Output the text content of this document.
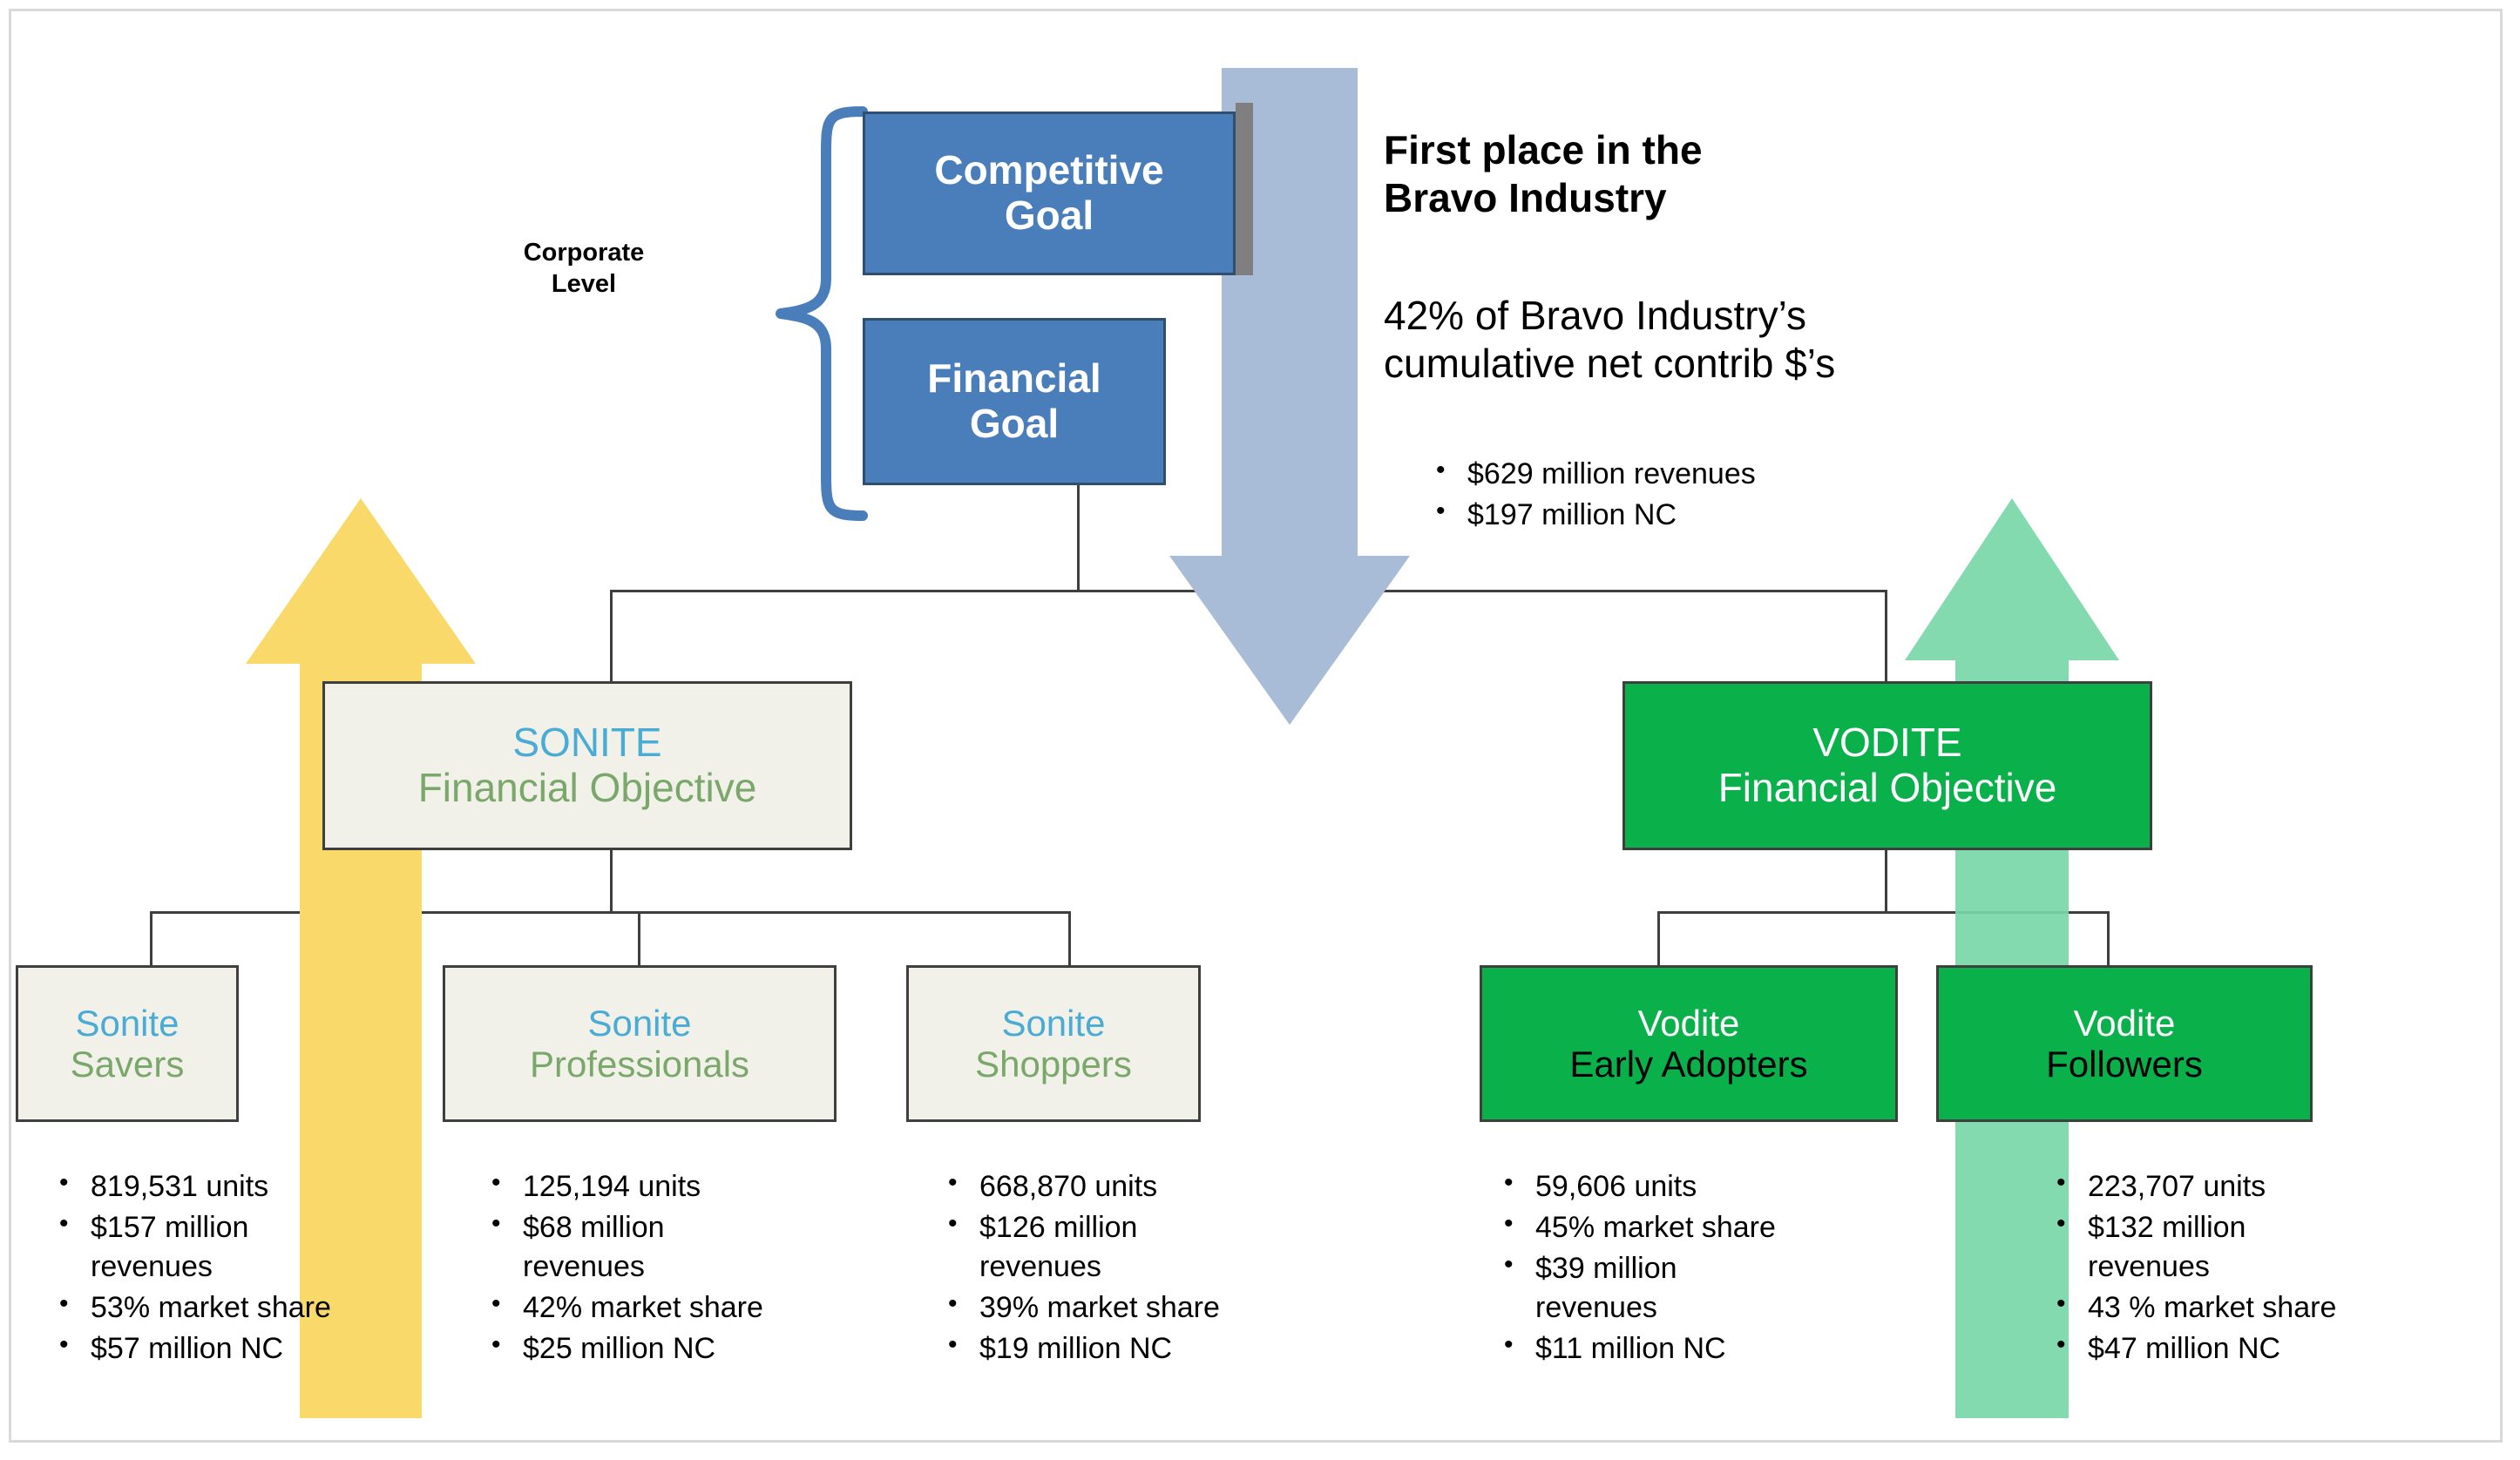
Corporate
Level
Competitive
Goal
Financial
Goal
First place in the
Bravo Industry
42% of Bravo Industry’s
cumulative net contrib $’s
• $629 million revenues
• $197 million NC
SONITE
Financial Objective
VODITE
Financial Objective
Sonite
Savers
Sonite
Professionals
Sonite
Shoppers
Vodite
Early Adopters
Vodite
Followers
• 819,531 units
• $157 million revenues
• 53% market share
• $57 million NC
• 125,194 units
• $68 million revenues
• 42% market share
• $25 million NC
• 668,870 units
• $126 million revenues
• 39% market share
• $19 million NC
• 59,606 units
• 45% market share
• $39 million revenues
• $11 million NC
• 223,707 units
• $132 million revenues
• 43 % market share
• $47 million NC
